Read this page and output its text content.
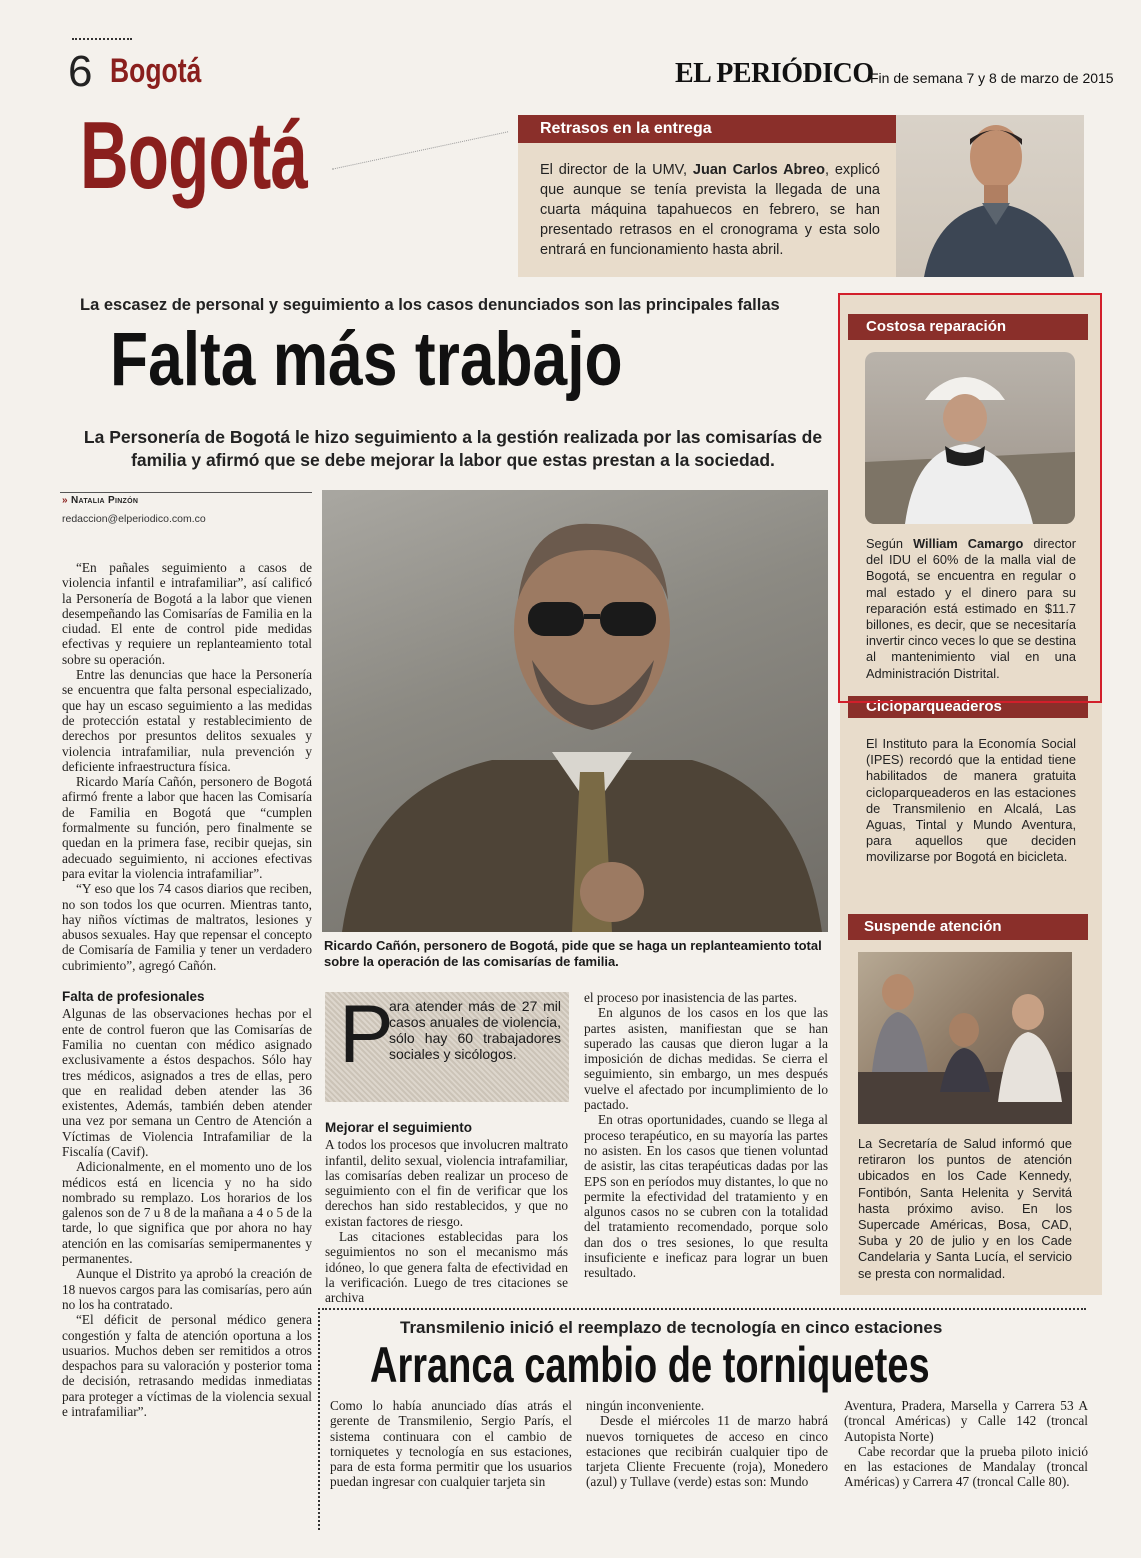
6 Bogotá
Bogotá
EL PERIÓDICO
Fin de semana 7 y 8 de marzo de 2015
Retrasos en la entrega
El director de la UMV, Juan Carlos Abreo, explicó que aunque se tenía prevista la llegada de una cuarta máquina tapahuecos en febrero, se han presentado retrasos en el cronograma y esta solo entrará en funcionamiento hasta abril.
La escasez de personal y seguimiento a los casos denunciados son las principales fallas
Falta más trabajo
La Personería de Bogotá le hizo seguimiento a la gestión realizada por las comisarías de familia y afirmó que se debe mejorar la labor que estas prestan a la sociedad.
» Natalia Pinzón
redaccion@elperiodico.com.co

“En pañales seguimiento a casos de violencia infantil e intrafamiliar”, así calificó la Personería de Bogotá a la labor que vienen desempeñando las Comisarías de Familia en la ciudad. El ente de control pide medidas efectivas y requiere un replanteamiento total sobre su operación.

Entre las denuncias que hace la Personería se encuentra que falta personal especializado, que hay un escaso seguimiento a las medidas de protección estatal y restablecimiento de derechos por presuntos delitos sexuales y violencia intrafamiliar, nula prevención y deficiente infraestructura física.

Ricardo María Cañón, personero de Bogotá afirmó frente a labor que hacen las Comisaría de Familia en Bogotá que “cumplen formalmente su función, pero finalmente se quedan en la primera fase, recibir quejas, sin adecuado seguimiento, ni acciones efectivas para evitar la violencia intrafamiliar”.

“Y eso que los 74 casos diarios que reciben, no son todos los que ocurren. Mientras tanto, hay niños víctimas de maltratos, lesiones y abusos sexuales. Hay que repensar el concepto de Comisaría de Familia y tener un verdadero cubrimiento”, agregó Cañón.

Falta de profesionales

Algunas de las observaciones hechas por el ente de control fueron que las Comisarías de Familia no cuentan con médico asignado exclusivamente a éstos despachos. Sólo hay tres médicos, asignados a tres de ellas, pero que en realidad deben atender las 36 existentes, Además, también deben atender una vez por semana un Centro de Atención a Víctimas de Violencia Intrafamiliar de la Fiscalía (Cavif).

Adicionalmente, en el momento uno de los médicos está en licencia y no ha sido nombrado su remplazo. Los horarios de los galenos son de 7 u 8 de la mañana a 4 o 5 de la tarde, lo que significa que por ahora no hay atención en las comisarías semipermanentes y permanentes.

Aunque el Distrito ya aprobó la creación de 18 nuevos cargos para las comisarías, pero aún no los ha contratado.

“El déficit de personal médico genera congestión y falta de atención oportuna a los usuarios. Muchos deben ser remitidos a otros despachos para su valoración y posterior toma de decisión, retrasando medidas inmediatas para proteger a víctimas de la violencia sexual e intrafamiliar”.

Ricardo Cañón, personero de Bogotá, pide que se haga un replanteamiento total sobre la operación de las comisarías de familia.
P
ara atender más de 27 mil casos anuales de violencia, sólo hay 60 trabajadores sociales y sicólogos.
Mejorar el seguimiento

A todos los procesos que involucren maltrato infantil, delito sexual, violencia intrafamiliar, las comisarías deben realizar un proceso de seguimiento con el fin de verificar que los derechos han sido restablecidos, y que no existan factores de riesgo.

Las citaciones establecidas para los seguimientos no son el mecanismo más idóneo, lo que genera falta de efectividad en la verificación. Luego de tres citaciones se archiva

el proceso por inasistencia de las partes.

En algunos de los casos en los que las partes asisten, manifiestan que se han superado las causas que dieron lugar a la imposición de dichas medidas. Se cierra el seguimiento, sin embargo, un mes después vuelve el afectado por incumplimiento de lo pactado.

En otras oportunidades, cuando se llega al proceso terapéutico, en su mayoría las partes no asisten. En los casos que tienen voluntad de asistir, las citas terapéuticas dadas por las EPS son en períodos muy distantes, lo que no permite la efectividad del tratamiento y en algunos casos no se cubren con la totalidad del tratamiento recomendado, porque solo dan dos o tres sesiones, lo que resulta insuficiente e ineficaz para lograr un buen resultado.

Costosa reparación
Según William Camargo director del IDU el 60% de la malla vial de Bogotá, se encuentra en regular o mal estado y el dinero para su reparación está estimado en $11.7 billones, es decir, que se necesitaría invertir cinco veces lo que se destina al mantenimiento vial en una Administración Distrital.
Cicloparqueaderos
El Instituto para la Economía Social (IPES) recordó que la entidad tiene habilitados de manera gratuita cicloparqueaderos en las estaciones de Transmilenio en Alcalá, Las Aguas, Tintal y Mundo Aventura, para aquellos que deciden movilizarse por Bogotá en bicicleta.
Suspende atención
La Secretaría de Salud informó que retiraron los puntos de atención ubicados en los Cade Kennedy, Fontibón, Santa Helenita y Servitá hasta próximo aviso. En los Supercade Américas, Bosa, CAD, Suba y 20 de julio y en los Cade Candelaria y Santa Lucía, el servicio se presta con normalidad.
Transmilenio inició el reemplazo de tecnología en cinco estaciones
Arranca cambio de torniquetes

Como lo había anunciado días atrás el gerente de Transmilenio, Sergio París, el sistema continuara con el cambio de torniquetes y tecnología en sus estaciones, para de esta forma permitir que los usuarios puedan ingresar con cualquier tarjeta sin

ningún inconveniente.

Desde el miércoles 11 de marzo habrá nuevos torniquetes de acceso en cinco estaciones que recibirán cualquier tipo de tarjeta Cliente Frecuente (roja), Monedero (azul) y Tullave (verde) estas son: Mundo

Aventura, Pradera, Marsella y Carrera 53 A (troncal Américas) y Calle 142 (troncal Autopista Norte)

Cabe recordar que la prueba piloto inició en las estaciones de Mandalay (troncal Américas) y Carrera 47 (troncal Calle 80).
